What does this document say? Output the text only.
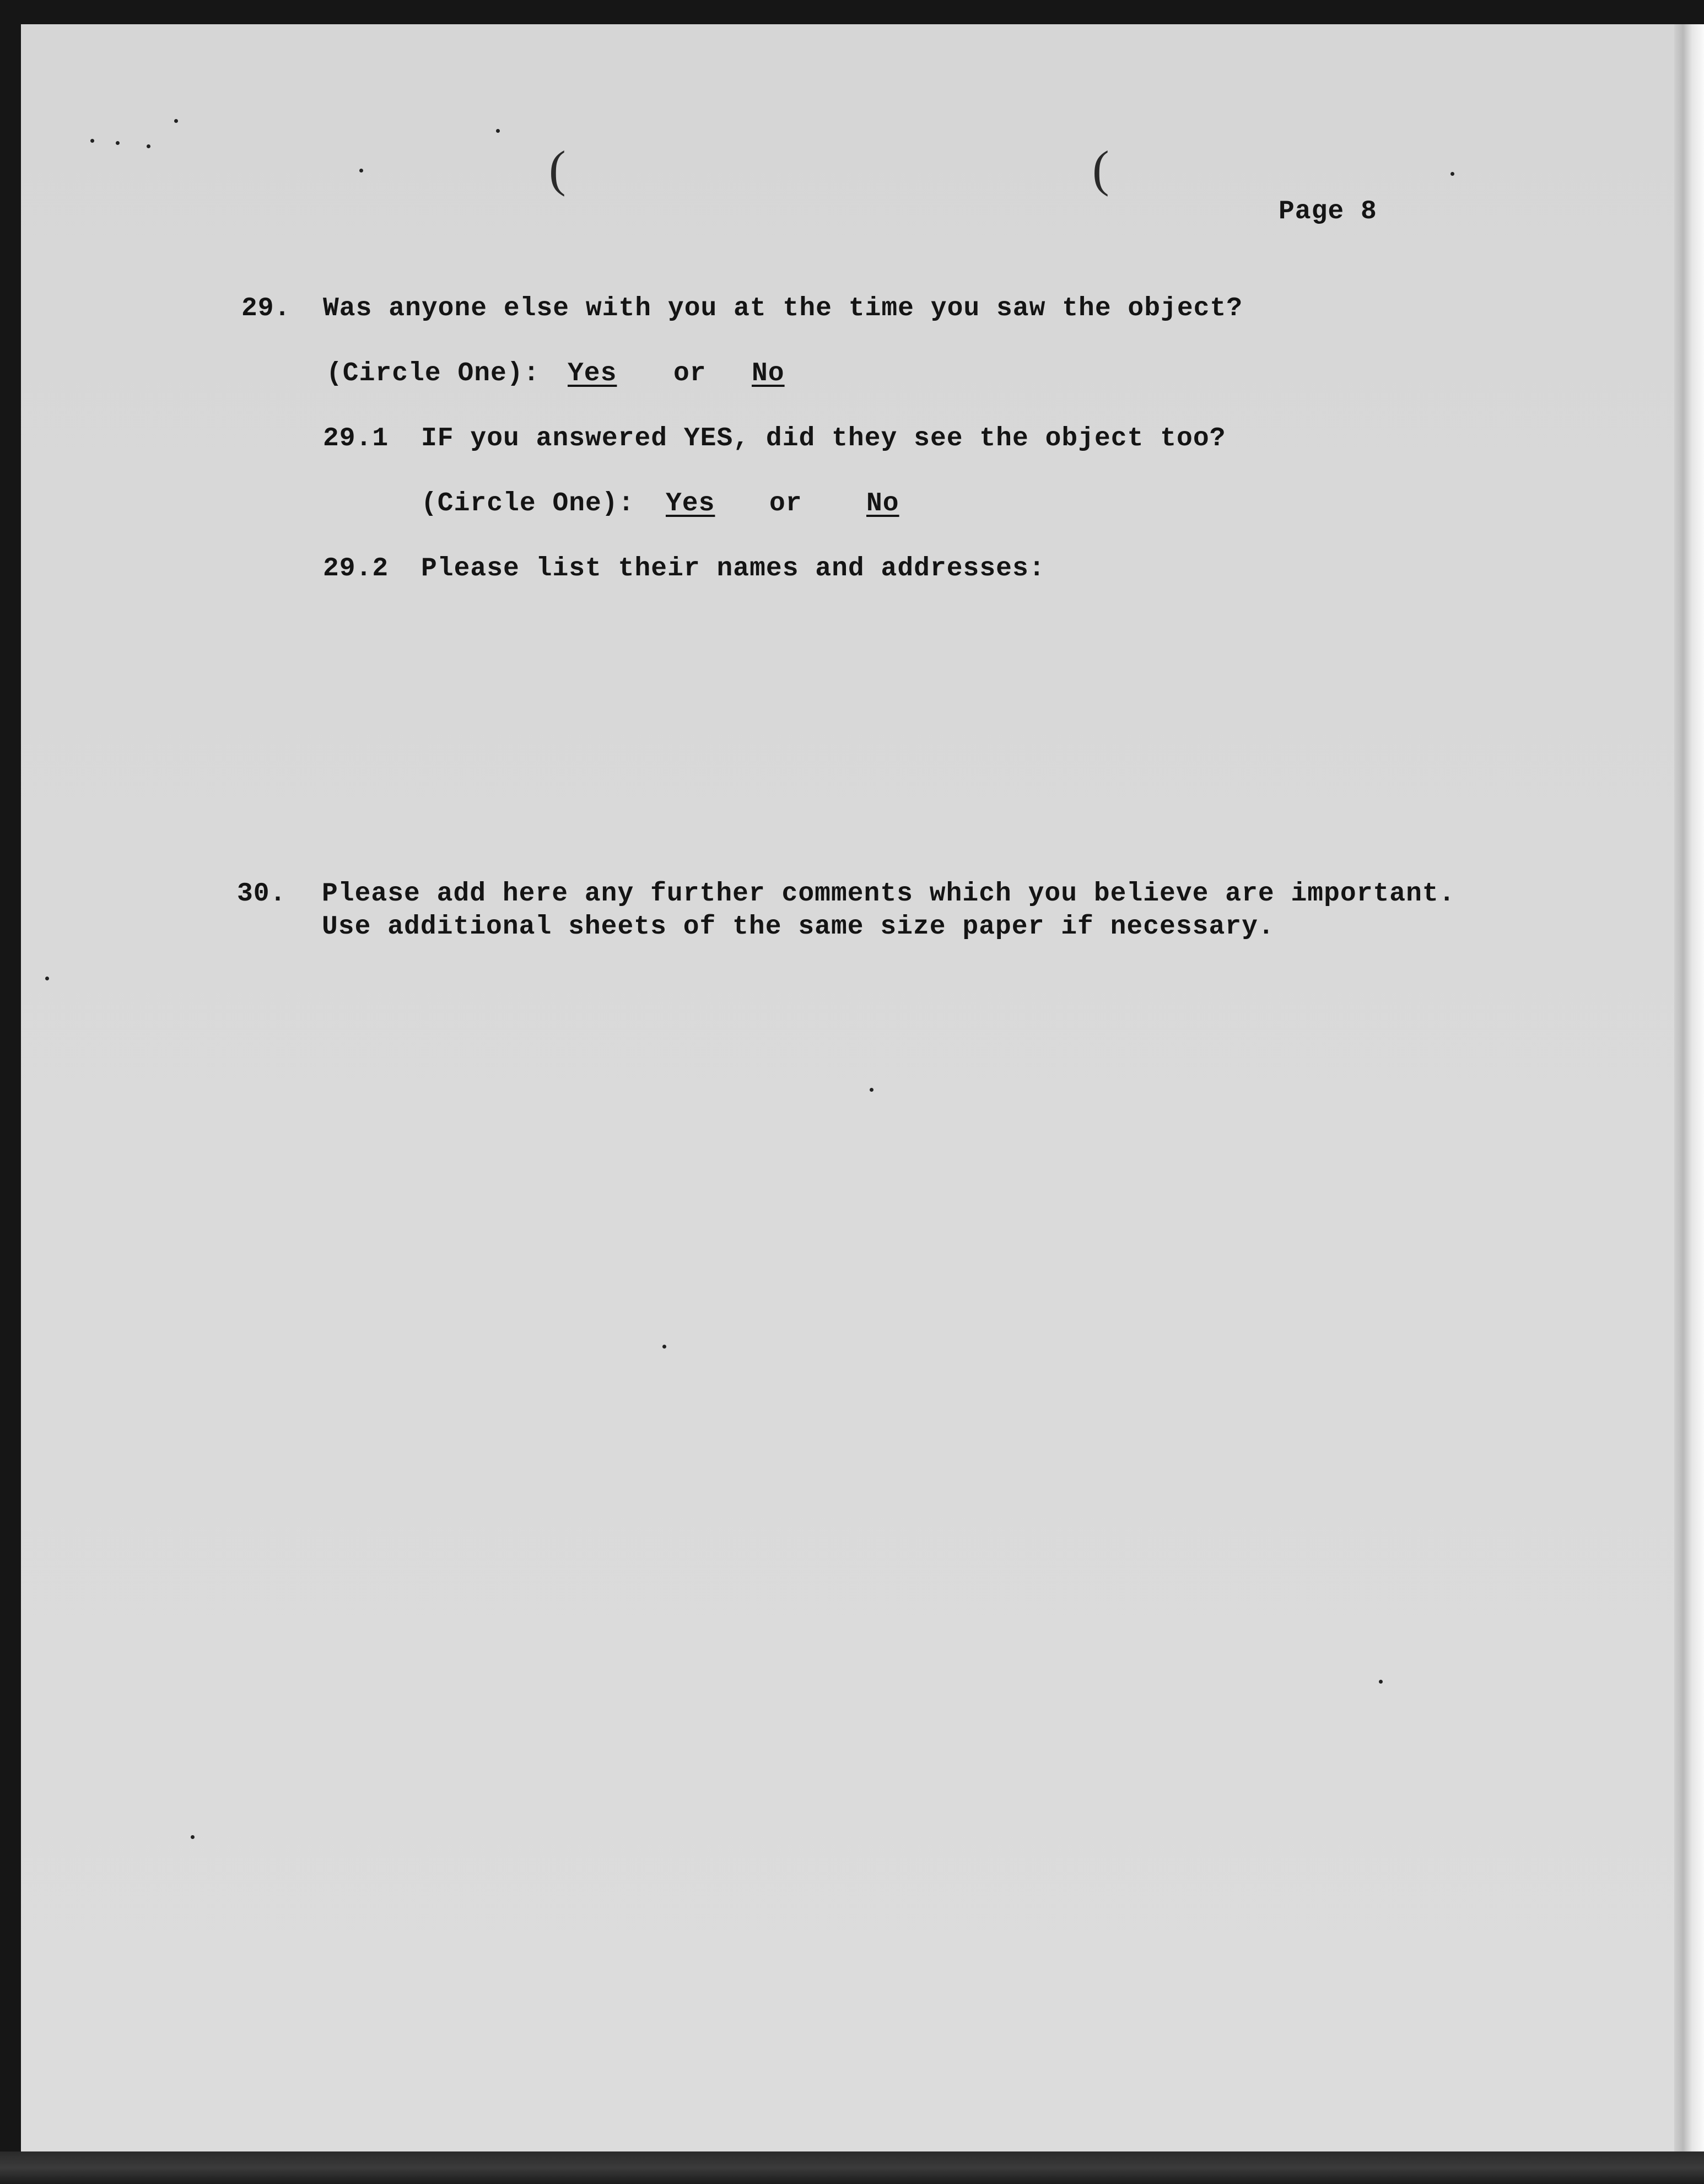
(	(
Page 8
29. Was anyone else with you at the time you saw the object?
(Circle One): Yes or No
29.1 IF you answered YES, did they see the object too?
(Circle One): Yes or No
29.2 Please list their names and addresses:
30. Please add here any further comments which you believe are important.
Use additional sheets of the same size paper if necessary.
